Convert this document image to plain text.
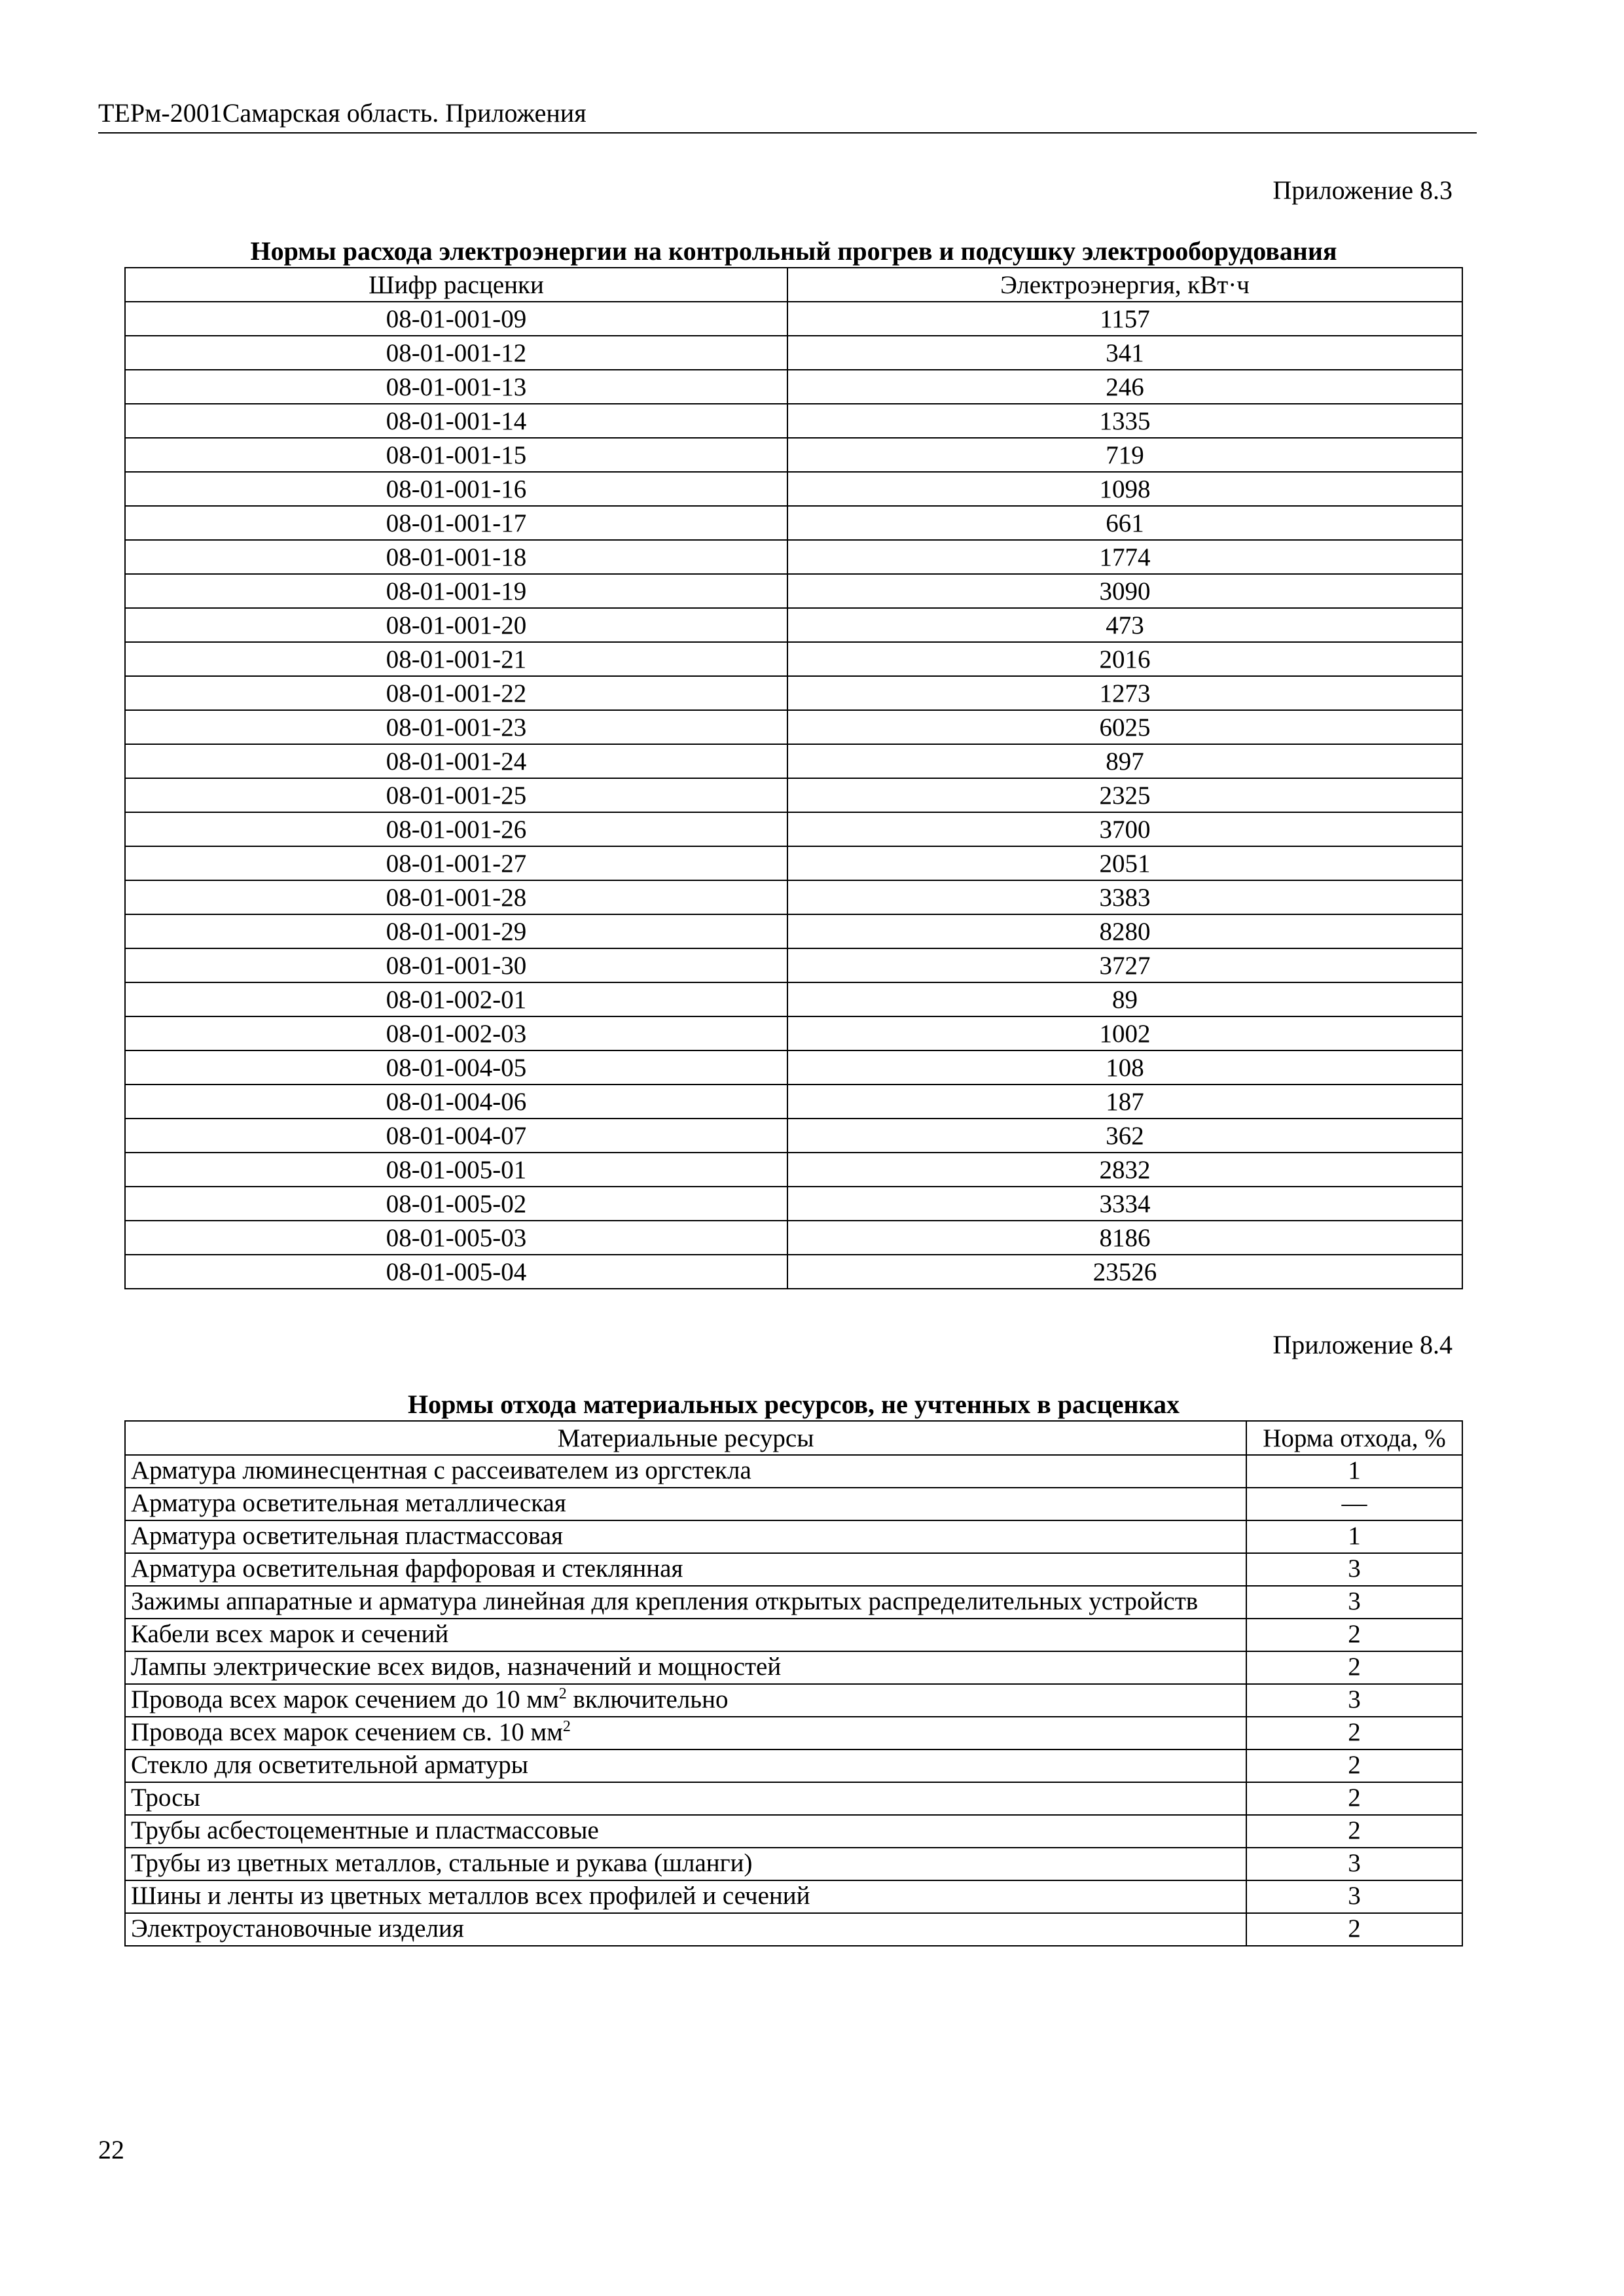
ТЕРм-2001Самарская область. Приложения
Приложение 8.3
Нормы расхода электроэнергии на контрольный прогрев и подсушку электрооборудования
Шифр расценки	Электроэнергия, кВт·ч
08-01-001-09	1157
08-01-001-12	341
08-01-001-13	246
08-01-001-14	1335
08-01-001-15	719
08-01-001-16	1098
08-01-001-17	661
08-01-001-18	1774
08-01-001-19	3090
08-01-001-20	473
08-01-001-21	2016
08-01-001-22	1273
08-01-001-23	6025
08-01-001-24	897
08-01-001-25	2325
08-01-001-26	3700
08-01-001-27	2051
08-01-001-28	3383
08-01-001-29	8280
08-01-001-30	3727
08-01-002-01	89
08-01-002-03	1002
08-01-004-05	108
08-01-004-06	187
08-01-004-07	362
08-01-005-01	2832
08-01-005-02	3334
08-01-005-03	8186
08-01-005-04	23526
Приложение 8.4
Нормы отхода материальных ресурсов, не учтенных в расценках
Материальные ресурсы	Норма отхода, %
Арматура люминесцентная с рассеивателем из оргстекла	1
Арматура осветительная металлическая	—
Арматура осветительная пластмассовая	1
Арматура осветительная фарфоровая и стеклянная	3
Зажимы аппаратные и арматура линейная для крепления открытых распределительных устройств	3
Кабели всех марок и сечений	2
Лампы электрические всех видов, назначений и мощностей	2
Провода всех марок сечением до 10 $мм^2$ включительно	3
Провода всех марок сечением св. 10 $мм^2$	2
Стекло для осветительной арматуры	2
Тросы	2
Трубы асбестоцементные и пластмассовые	2
Трубы из цветных металлов, стальные и рукава (шланги)	3
Шины и ленты из цветных металлов всех профилей и сечений	3
Электроустановочные изделия	2
22
